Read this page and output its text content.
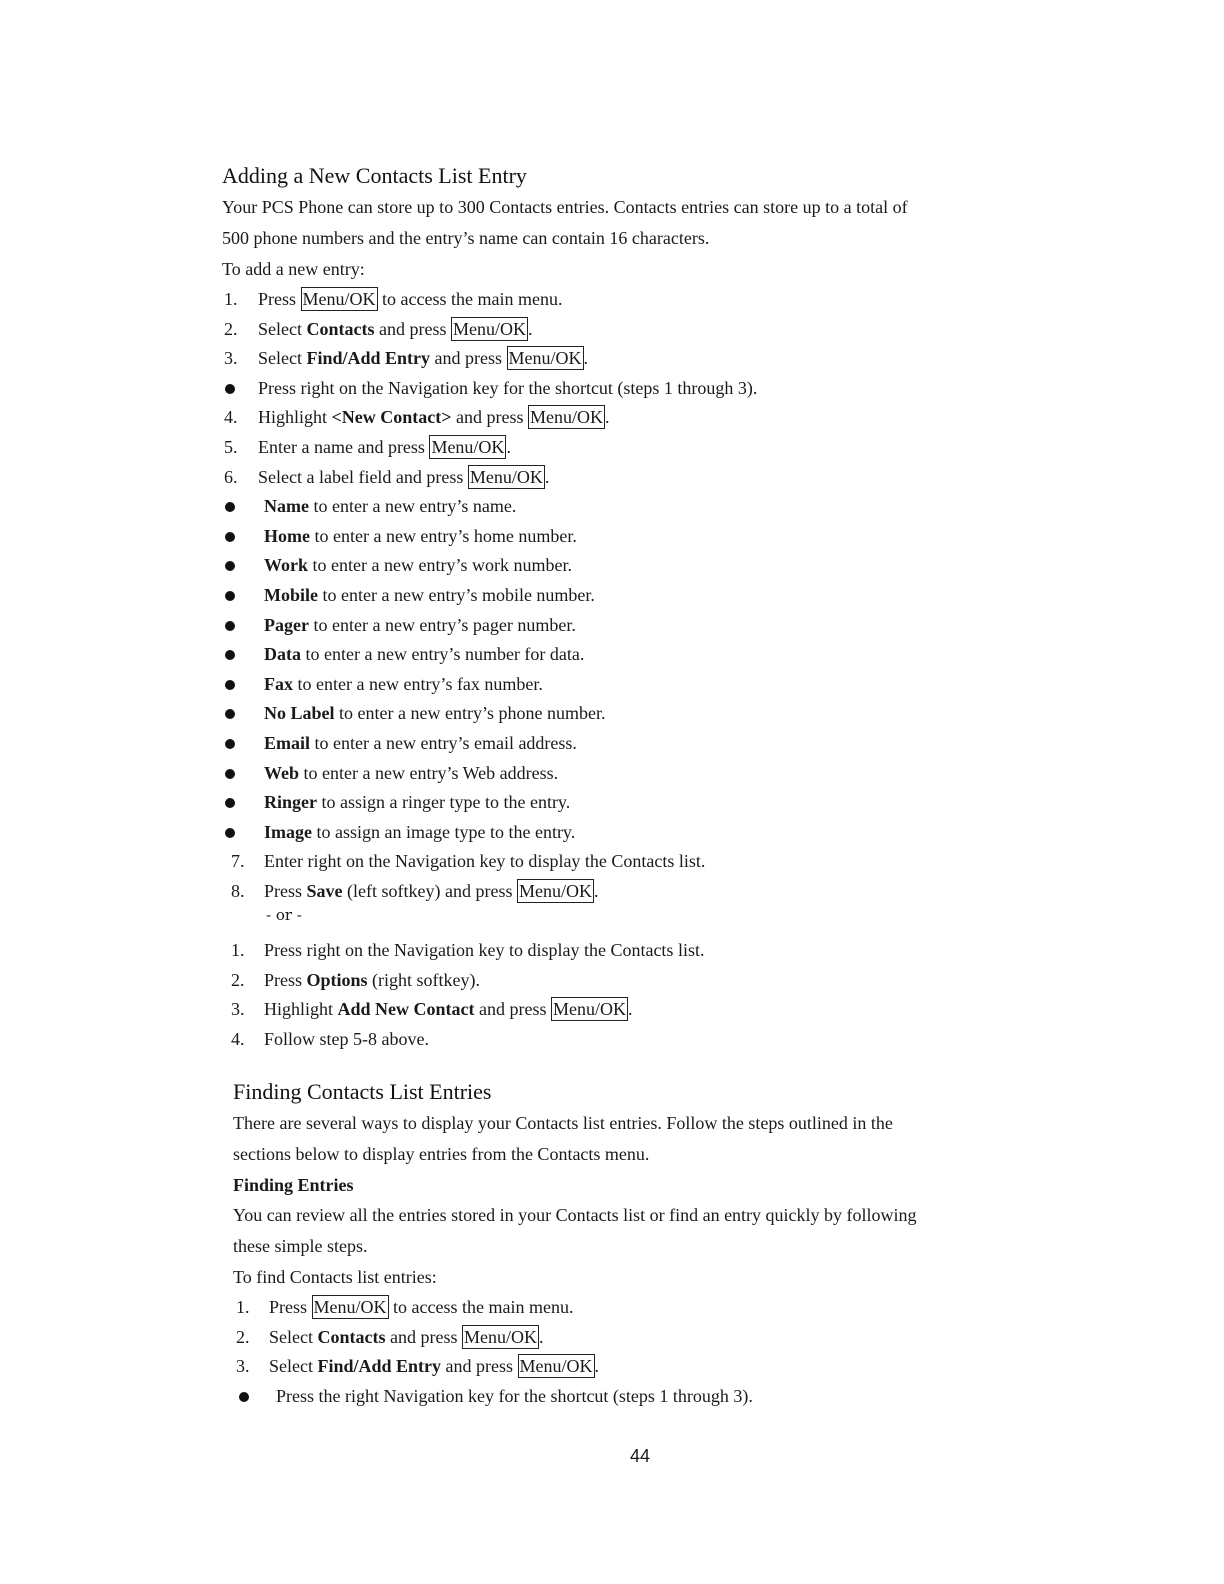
Adding a New Contacts List Entry

Your PCS Phone can store up to 300 Contacts entries. Contacts entries can store up to a total of
500 phone numbers and the entry’s name can contain 16 characters.

To add a new entry:

1. Press Menu/OK to access the main menu.
2. Select Contacts and press Menu/OK .
3. Select Find/Add Entry and press Menu/OK .
Press right on the Navigation key for the shortcut (steps 1 through 3).
4. Highlight <New Contact> and press Menu/OK .
5. Enter a name and press Menu/OK .
6. Select a label field and press Menu/OK .
Name to enter a new entry’s name.
Home to enter a new entry’s home number.
Work to enter a new entry’s work number.
Mobile to enter a new entry’s mobile number.
Pager to enter a new entry’s pager number.
Data to enter a new entry’s number for data.
Fax to enter a new entry’s fax number.
No Label to enter a new entry’s phone number.
Email to enter a new entry’s email address.
Web to enter a new entry’s Web address.
Ringer to assign a ringer type to the entry.
Image to assign an image type to the entry.
7. Enter right on the Navigation key to display the Contacts list.
8. Press Save (left softkey) and press Menu/OK .
- or -
1. Press right on the Navigation key to display the Contacts list.
2. Press Options (right softkey).
3. Highlight Add New Contact and press Menu/OK .
4. Follow step 5-8 above.
Finding Contacts List Entries

There are several ways to display your Contacts list entries. Follow the steps outlined in the
sections below to display entries from the Contacts menu.

Finding Entries

You can review all the entries stored in your Contacts list or find an entry quickly by following
these simple steps.

To find Contacts list entries:

1. Press Menu/OK to access the main menu.
2. Select Contacts and press Menu/OK .
3. Select Find/Add Entry and press Menu/OK .
Press the right Navigation key for the shortcut (steps 1 through 3).
44
